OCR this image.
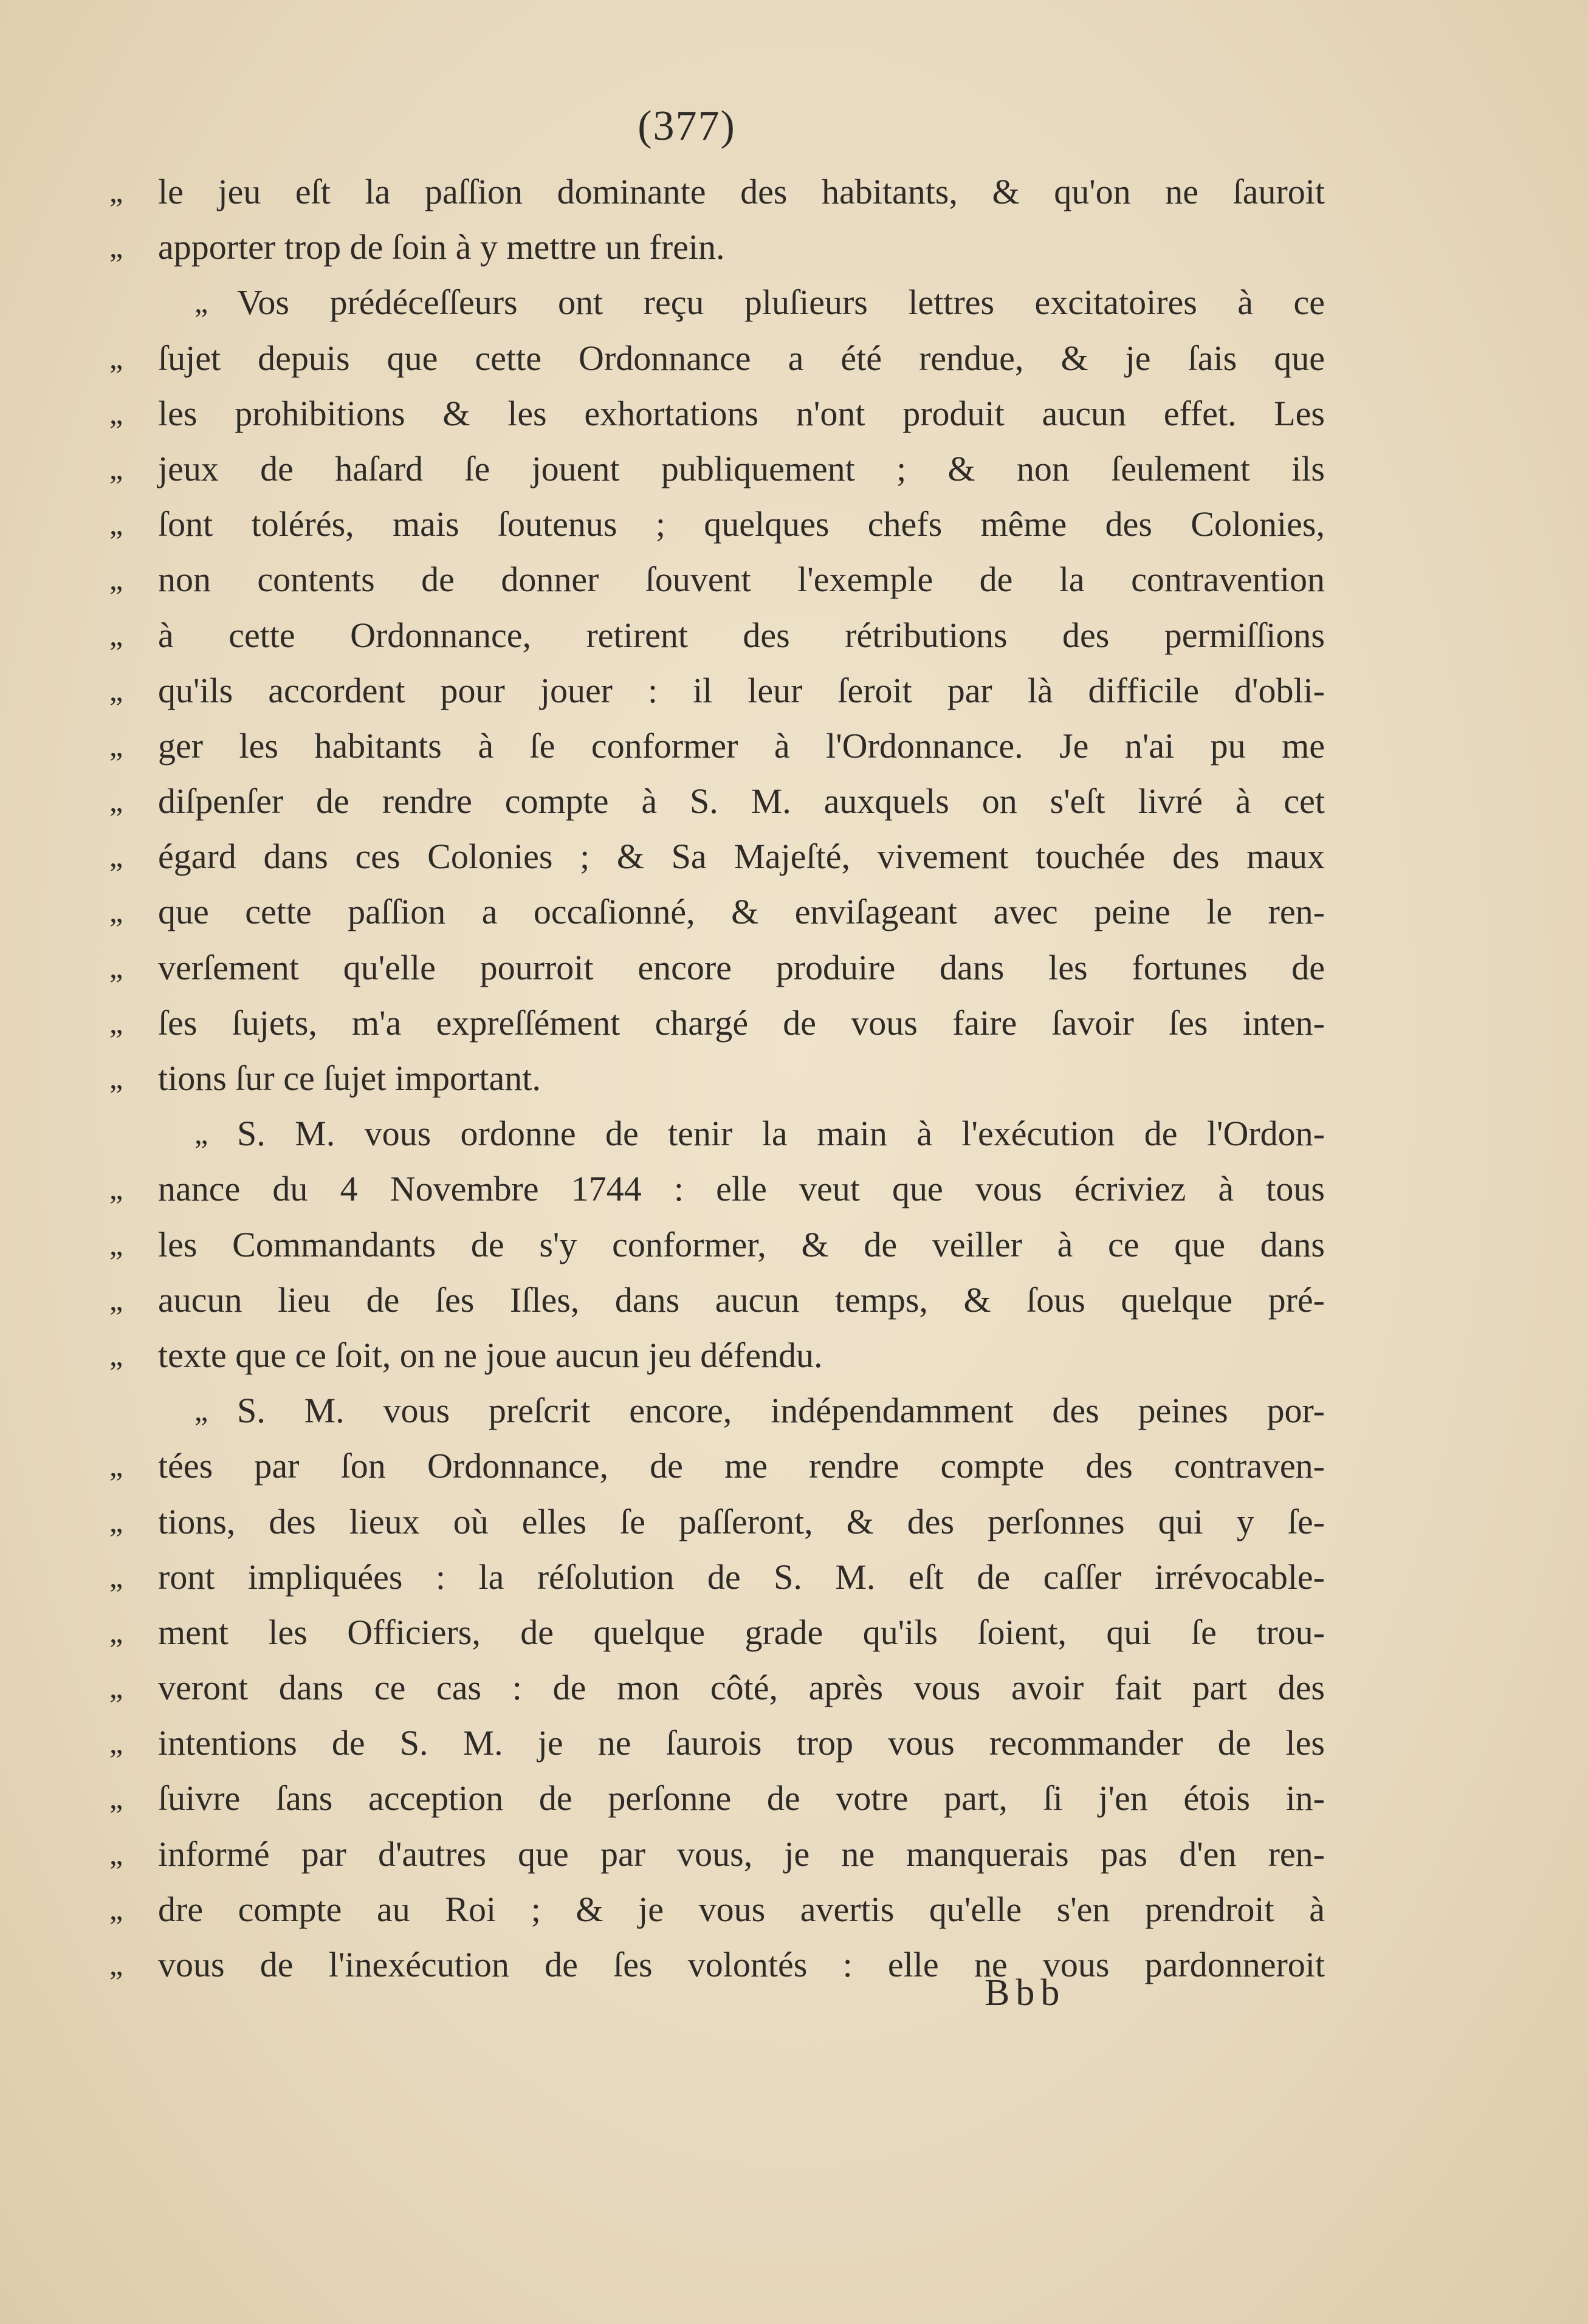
(377)
„ le jeu eſt la paſſion dominante des habitants, & qu'on ne ſauroit
„ apporter trop de ſoin à y mettre un frein.
„ Vos prédéceſſeurs ont reçu pluſieurs lettres excitatoires à ce
„ ſujet depuis que cette Ordonnance a été rendue, & je ſais que
„ les prohibitions & les exhortations n'ont produit aucun effet. Les
„ jeux de haſard ſe jouent publiquement ; & non ſeulement ils
„ ſont tolérés, mais ſoutenus ; quelques chefs même des Colonies,
„ non contents de donner ſouvent l'exemple de la contravention
„ à cette Ordonnance, retirent des rétributions des permiſſions
„ qu'ils accordent pour jouer : il leur ſeroit par là difficile d'obli-
„ ger les habitants à ſe conformer à l'Ordonnance. Je n'ai pu me
„ diſpenſer de rendre compte à S. M. auxquels on s'eſt livré à cet
„ égard dans ces Colonies ; & Sa Majeſté, vivement touchée des maux
„ que cette paſſion a occaſionné, & enviſageant avec peine le ren-
„ verſement qu'elle pourroit encore produire dans les fortunes de
„ ſes ſujets, m'a expreſſément chargé de vous faire ſavoir ſes inten-
„ tions ſur ce ſujet important.
„ S. M. vous ordonne de tenir la main à l'exécution de l'Ordon-
„ nance du 4 Novembre 1744 : elle veut que vous écriviez à tous
„ les Commandants de s'y conformer, & de veiller à ce que dans
„ aucun lieu de ſes Iſles, dans aucun temps, & ſous quelque pré-
„ texte que ce ſoit, on ne joue aucun jeu défendu.
„ S. M. vous preſcrit encore, indépendamment des peines por-
„ tées par ſon Ordonnance, de me rendre compte des contraven-
„ tions, des lieux où elles ſe paſſeront, & des perſonnes qui y ſe-
„ ront impliquées : la réſolution de S. M. eſt de caſſer irrévocable-
„ ment les Officiers, de quelque grade qu'ils ſoient, qui ſe trou-
„ veront dans ce cas : de mon côté, après vous avoir fait part des
„ intentions de S. M. je ne ſaurois trop vous recommander de les
„ ſuivre ſans acception de perſonne de votre part, ſi j'en étois in-
„ informé par d'autres que par vous, je ne manquerais pas d'en ren-
„ dre compte au Roi ; & je vous avertis qu'elle s'en prendroit à
„ vous de l'inexécution de ſes volontés : elle ne vous pardonneroit
Bbb
